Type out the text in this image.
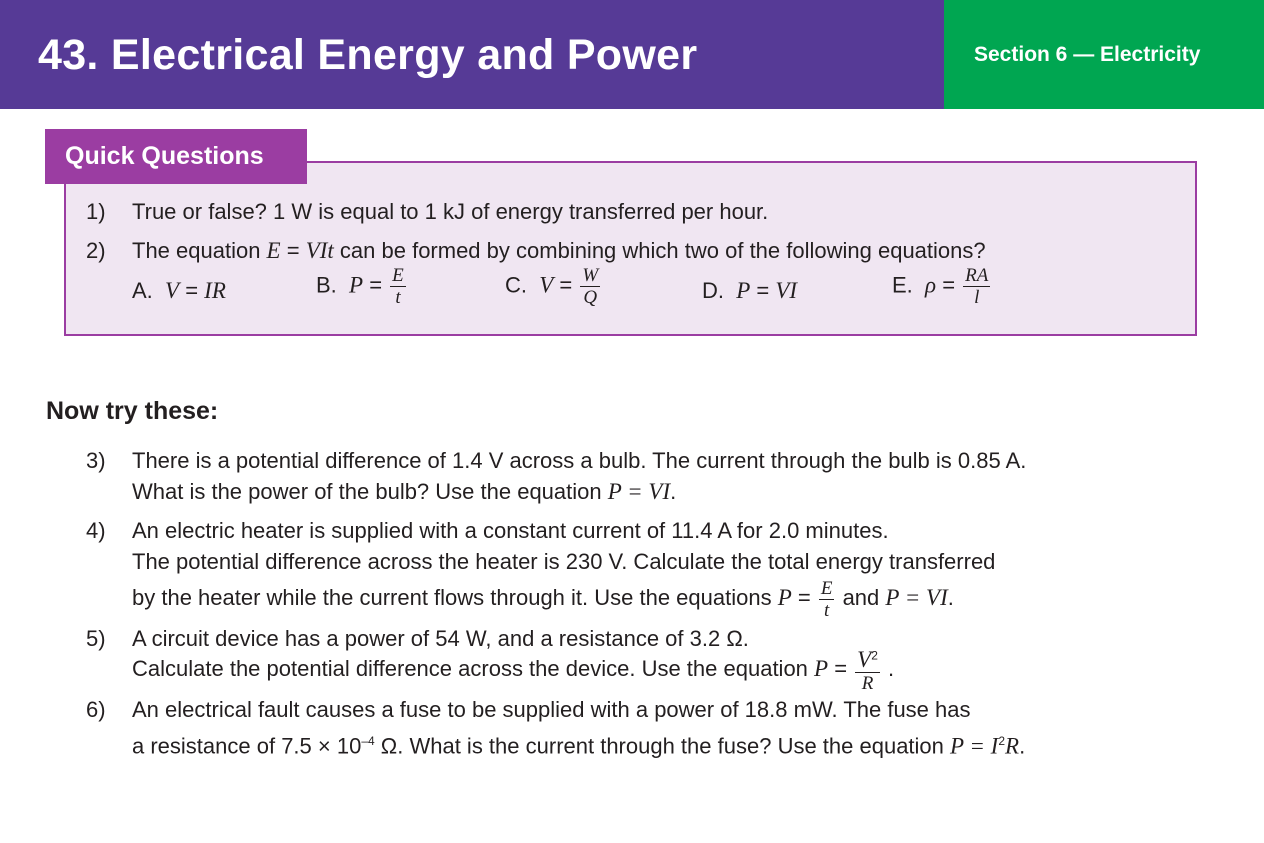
43. Electrical Energy and Power	Section 6 — Electricity
Quick Questions
1) True or false? 1 W is equal to 1 kJ of energy transferred per hour.
2) The equation E = VIt can be formed by combining which two of the following equations?
A. V = IR	B. $P = \frac{E}{t}$	C. $V = \frac{W}{Q}$	D. P = VI	E. $\rho = \frac{RA}{l}$
Now try these:
3) There is a potential difference of 1.4 V across a bulb. The current through the bulb is 0.85 A.
What is the power of the bulb? Use the equation P = VI.
4) An electric heater is supplied with a constant current of 11.4 A for 2.0 minutes.
The potential difference across the heater is 230 V. Calculate the total energy transferred
by the heater while the current flows through it. Use the equations $P = \frac{E}{t}$ and P = VI.
5) A circuit device has a power of 54 W, and a resistance of 3.2 Ω.
Calculate the potential difference across the device. Use the equation $P = \frac{V^2}{R}$ .
6) An electrical fault causes a fuse to be supplied with a power of 18.8 mW. The fuse has
a resistance of $7.5 \times 10^{-4}$ Ω. What is the current through the fuse? Use the equation $P = I^2R$.
